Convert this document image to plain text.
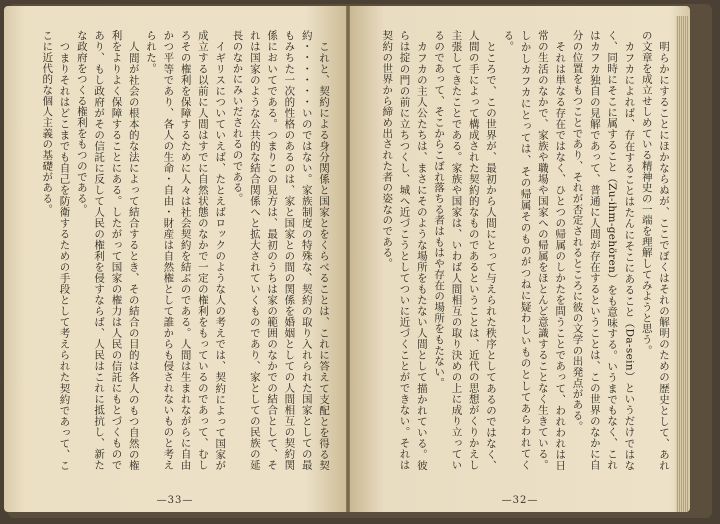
これと、契約による身分関係と国家とをくらべることは、これに答えて支配とを得る契約・・・・・・いのではない。家族制度の特殊な、契約の取り入れられた国家としての最もみちた一次的性格のあるのは、家と国家との間の関係を婚姻としての人間相互の契約関係においてである。つまりこの見方は、最初のうちは家の範囲のなかでの結合として、それは国家のような公共的な結合関係へと拡大されていくものであり、家としての民族の延長のなかにみいだされるのである。

イギリスについていえば、たとえばロックのような人の考えでは、契約によって国家が成立する以前に人間はすでに自然状態のなかで一定の権利をもっているのであって、むしろその権利を保障するために人々は社会契約を結ぶのである。人間は生まれながらに自由かつ平等であり、各人の生命・自由・財産は自然権として誰からも侵されないものと考えられた。

人間が社会の根本的な法によって結合するとき、その結合の目的は各人のもつ自然の権利をよりよく保障することにある。したがって国家の権力は人民の信託にもとづくものであり、もし政府がその信託に反して人民の権利を侵すならば、人民はこれに抵抗し、新たな政府をつくる権利をもつのである。

つまりそれはどこまでも自己を防衛するための手段として考えられた契約であって、ここに近代的な個人主義の基礎がある。

—33—

明らかにすることにほかならぬが、ここでぼくはそれの解明のための歴史として、あれの文章を成立せしめている精神史の一端を理解してみようと思う。

カフカによれば、存在することはたんにそこにあること（Da-sein）というだけではなく、同時にそこに属すること（Zu-ihm-gehören）をも意味する。いうまでもなく、これはカフカ独自の見解であって、普通に人間が存在するということは、この世界のなかに自分の位置をもつことであり、それが否定されるところに彼の文学の出発点がある。

それは単なる存在ではなく、ひとつの帰属のしかたを問うことであって、われわれは日常の生活のなかで、家族や職場や国家への帰属をほとんど意識することなく生きている。しかしカフカにとっては、その帰属そのものがつねに疑わしいものとしてあらわれてくる。

ところで、この世界が、最初から人間にとって与えられた秩序としてあるのではなく、人間の手によって構成された契約的なものであるということは、近代の思想がくりかえし主張してきたことである。家族や国家は、いわば人間相互の取り決めの上に成り立っているのであって、そこからこぼれ落ちる者はもはや存在の場所をもたない。

カフカの主人公たちは、まさにそのような場所をもたない人間として描かれている。彼らは掟の門の前に立ちつくし、城へ近づこうとしてついに近づくことができない。それは契約の世界から締め出された者の姿なのである。

—32—
